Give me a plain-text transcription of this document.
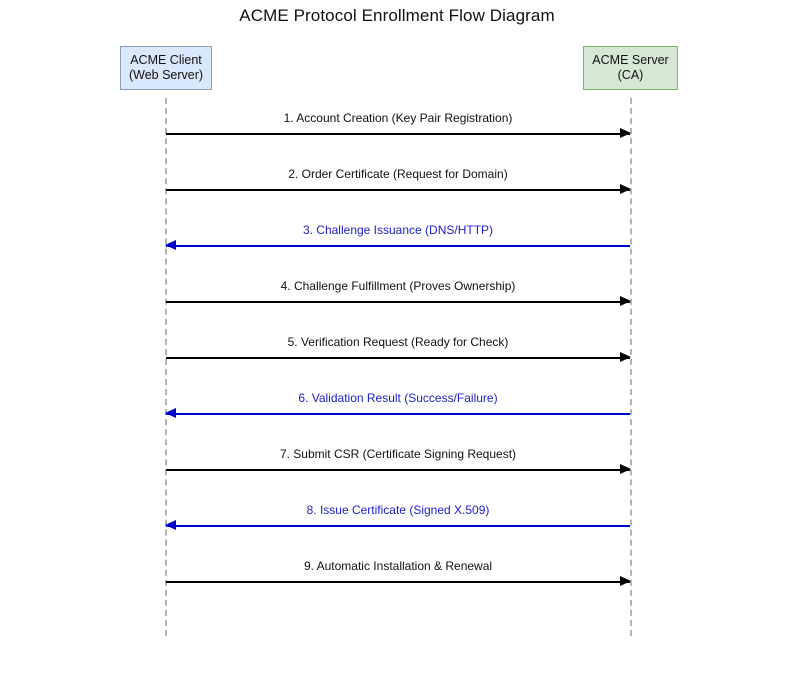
ACME Protocol Enrollment Flow Diagram
ACME Client
(Web Server)
ACME Server
(CA)
1. Account Creation (Key Pair Registration)
2. Order Certificate (Request for Domain)
3. Challenge Issuance (DNS/HTTP)
4. Challenge Fulfillment (Proves Ownership)
5. Verification Request (Ready for Check)
6. Validation Result (Success/Failure)
7. Submit CSR (Certificate Signing Request)
8. Issue Certificate (Signed X.509)
9. Automatic Installation & Renewal
